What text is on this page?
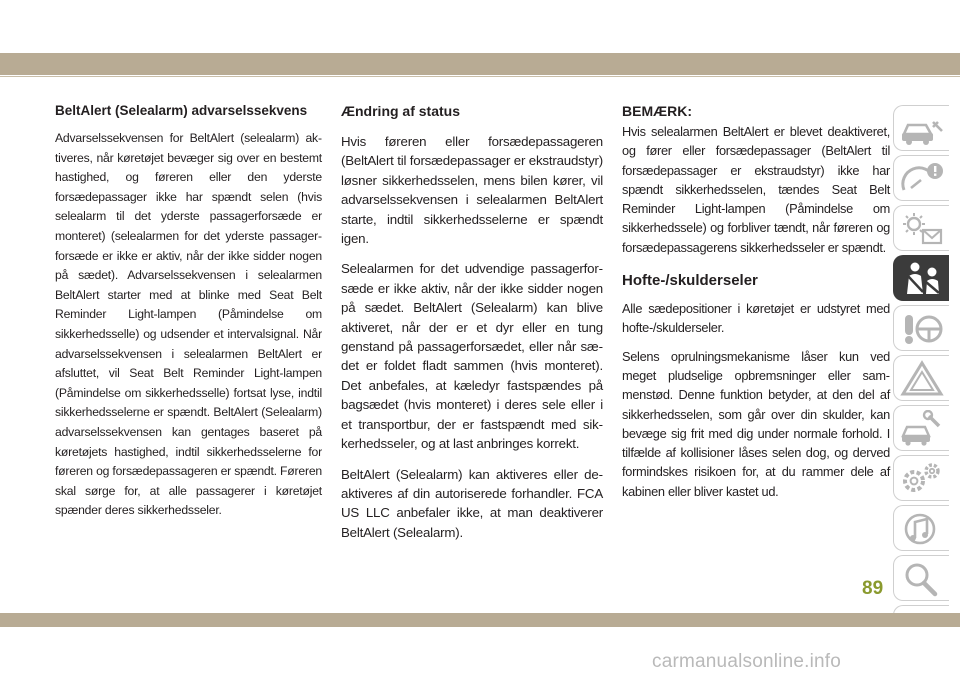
BeltAlert (Selealarm) advarselssekvens

Advarselssekvensen for BeltAlert (selealarm) aktiveres, når køretøjet bevæger sig over en bestemt hastighed, og føreren eller den yderste forsædepassager ikke har spændt selen (hvis selealarm til det yderste passagerforsæde er monteret) (selealarmen for det yderste passagerforsæde er ikke er aktiv, når der ikke sidder nogen på sædet). Advarselssekvensen i selealarmen BeltAlert starter med at blinke med Seat Belt Reminder Light-lampen (Påmindelse om sikkerhedsselle) og udsender et intervalsignal. Når advarselssekvensen i selealarmen BeltAlert er afsluttet, vil Seat Belt Reminder Light-lampen (Påmindelse om sikkerhedsselle) fortsat lyse, indtil sikkerhedsselerne er spændt. BeltAlert (Selealarm) advarselssekvensen kan gentages baseret på køretøjets hastighed, indtil sikkerhedsselerne for føreren og forsædepassageren er spændt. Føreren skal sørge for, at alle passagerer i køretøjet spænder deres sikkerhedsseler.

Ændring af status

Hvis føreren eller forsædepassageren (BeltAlert til forsædepassager er ekstraudstyr) løsner sikkerhedsselen, mens bilen kører, vil advarselssekvensen i selealarmen BeltAlert starte, indtil sikkerhedsselerne er spændt igen.

Selealarmen for det udvendige passagerforsæde er ikke aktiv, når der ikke sidder nogen på sædet. BeltAlert (Selealarm) kan blive aktiveret, når der er et dyr eller en tung genstand på passagerforsædet, eller når sædet er foldet fladt sammen (hvis monteret). Det anbefales, at kæledyr fastspændes på bagsædet (hvis monteret) i deres sele eller i et transportbur, der er fastspændt med sikkerhedsseler, og at last anbringes korrekt.

BeltAlert (Selealarm) kan aktiveres eller deaktiveres af din autoriserede forhandler. FCA US LLC anbefaler ikke, at man deaktiverer BeltAlert (Selealarm).

BEMÆRK:

Hvis selealarmen BeltAlert er blevet deaktiveret, og fører eller forsædepassager (BeltAlert til forsædepassager er ekstraudstyr) ikke har spændt sikkerhedsselen, tændes Seat Belt Reminder Light-lampen (Påmindelse om sikkerhedssele) og forbliver tændt, når føreren og forsædepassagerens sikkerhedsseler er spændt.

Hofte-/skulderseler

Alle sædepositioner i køretøjet er udstyret med hofte-/skulderseler.

Selens oprulningsmekanisme låser kun ved meget pludselige opbremsninger eller sammenstød. Denne funktion betyder, at den del af sikkerhedsselen, som går over din skulder, kan bevæge sig frit med dig under normale forhold. I tilfælde af kollisioner låses selen dog, og derved formindskes risikoen for, at du rammer dele af kabinen eller bliver kastet ud.

89
carmanualsonline.info
